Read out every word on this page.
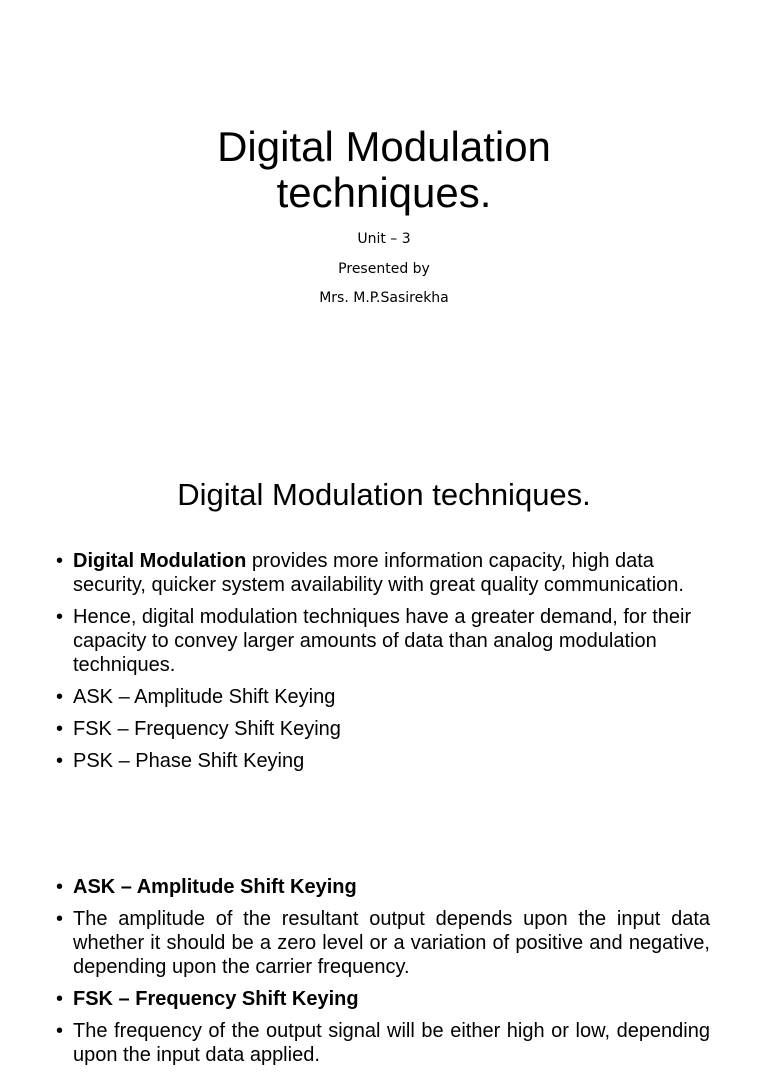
Digital Modulation
techniques.
Unit – 3
Presented by
Mrs. M.P.Sasirekha
Digital Modulation techniques.
• Digital Modulation provides more information capacity, high data security, quicker system availability with great quality communication.
• Hence, digital modulation techniques have a greater demand, for their capacity to convey larger amounts of data than analog modulation techniques.
• ASK – Amplitude Shift Keying
• FSK – Frequency Shift Keying
• PSK – Phase Shift Keying
• ASK – Amplitude Shift Keying
• The amplitude of the resultant output depends upon the input data whether it should be a zero level or a variation of positive and negative, depending upon the carrier frequency.
• FSK – Frequency Shift Keying
• The frequency of the output signal will be either high or low, depending upon the input data applied.
